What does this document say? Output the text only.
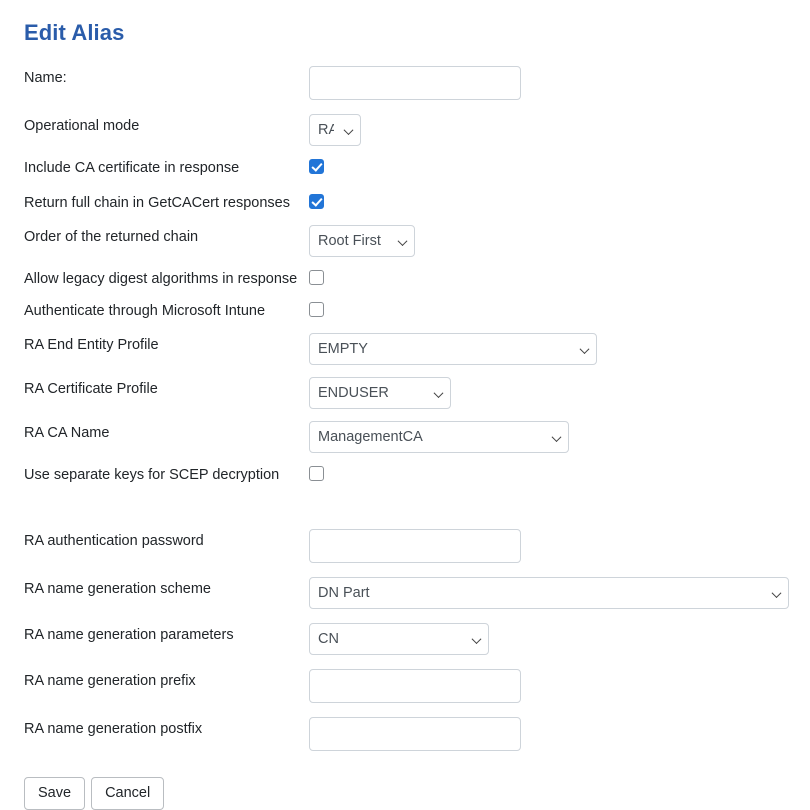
Edit Alias
Name:
Operational mode
RA
Include CA certificate in response
Return full chain in GetCACert responses
Order of the returned chain
Root First
Allow legacy digest algorithms in response
Authenticate through Microsoft Intune
RA End Entity Profile
EMPTY
RA Certificate Profile
ENDUSER
RA CA Name
ManagementCA
Use separate keys for SCEP decryption
RA authentication password
RA name generation scheme
DN Part
RA name generation parameters
CN
RA name generation prefix
RA name generation postfix
Save	Cancel
